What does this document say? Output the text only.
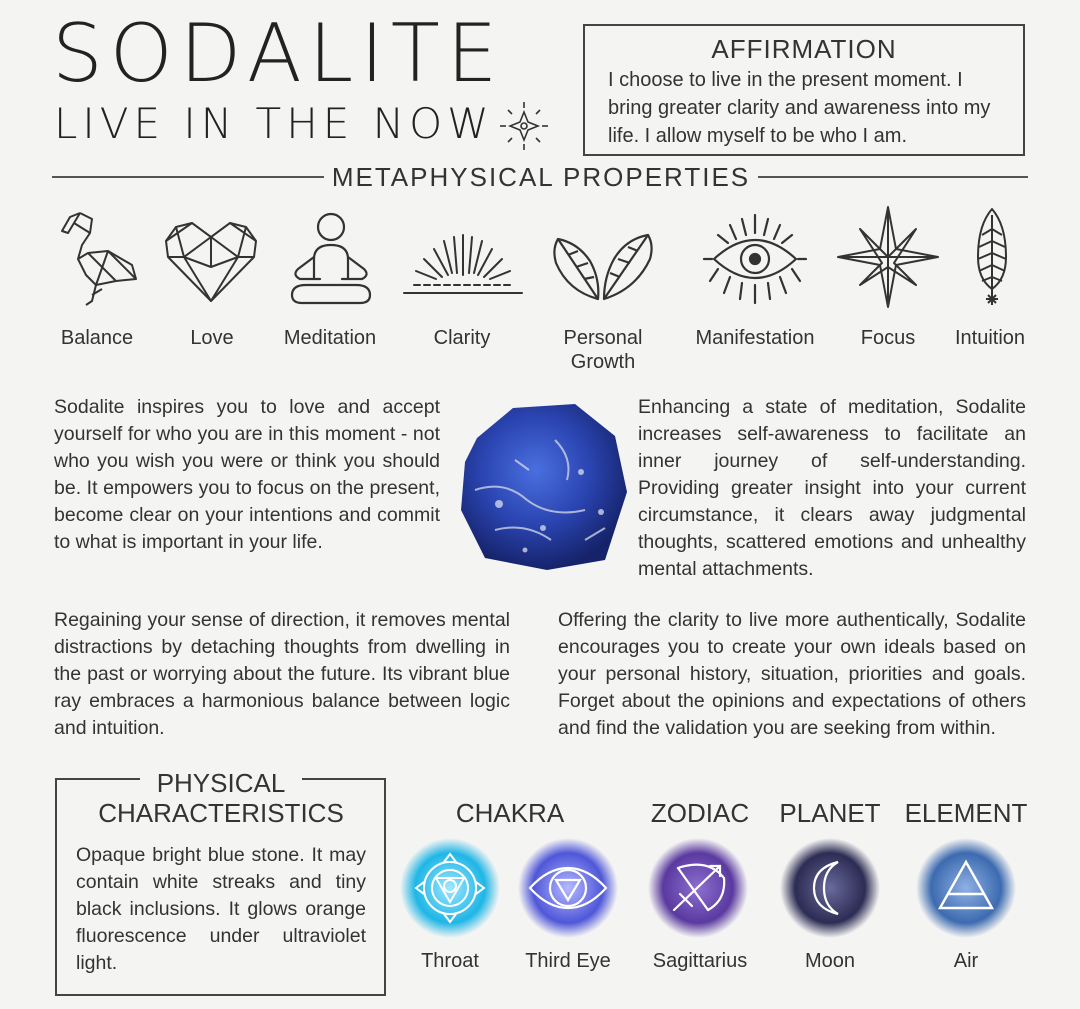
SODALITE
LIVE IN THE NOW
AFFIRMATION
I choose to live in the present moment. I bring greater clarity and awareness into my life. I allow myself to be who I am.
METAPHYSICAL PROPERTIES
Balance	Love	Meditation	Clarity	Personal Growth
Manifestation	Focus	Intuition
Sodalite inspires you to love and accept yourself for who you are in this moment - not who you wish you were or think you should be. It empowers you to focus on the present, become clear on your intentions and commit to what is important in your life.
Enhancing a state of meditation, Sodalite increases self-awareness to facilitate an inner journey of self-understanding. Providing greater insight into your current circumstance, it clears away judgmental thoughts, scattered emotions and unhealthy mental attachments.
Regaining your sense of direction, it removes mental distractions by detaching thoughts from dwelling in the past or worrying about the future. Its vibrant blue ray embraces a harmonious balance between logic and intuition.
Offering the clarity to live more authentically, Sodalite encourages you to create your own ideals based on your personal history, situation, priorities and goals. Forget about the opinions and expectations of others and find the validation you are seeking from within.
PHYSICAL CHARACTERISTICS
Opaque bright blue stone. It may contain white streaks and tiny black inclusions. It glows orange fluorescence under ultraviolet light.
CHAKRA	ZODIAC	PLANET ELEMENT
Throat	Third Eye	Sagittarius	Moon	Air
